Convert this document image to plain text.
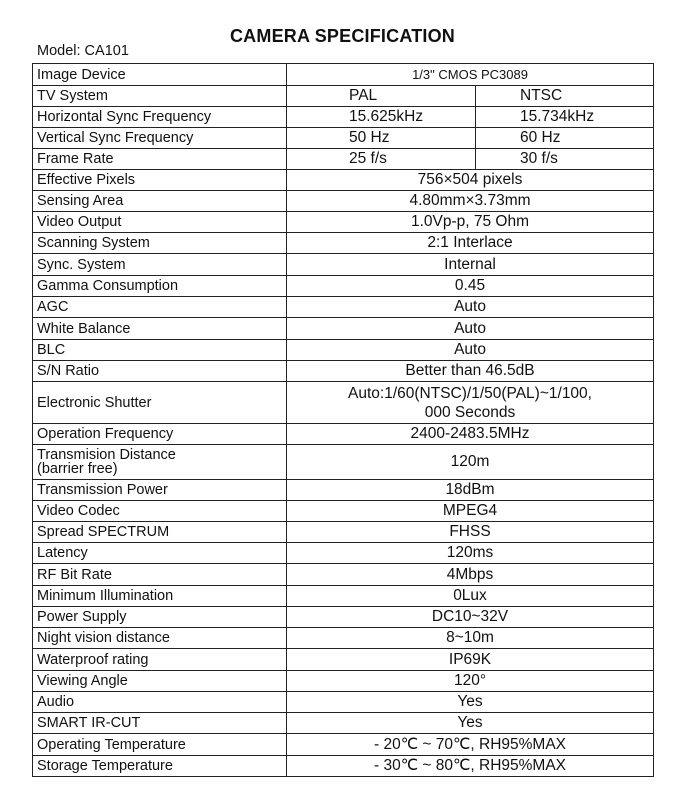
CAMERA SPECIFICATION
Model: CA101
Image Device	1/3" CMOS PC3089	
TV System	PAL	NTSC
Horizontal Sync Frequency	15.625kHz	15.734kHz
Vertical Sync Frequency	50 Hz	60 Hz
Frame Rate	25 f/s	30 f/s
Effective Pixels	756×504 pixels	
Sensing Area	4.80mm×3.73mm	
Video Output	1.0Vp-p, 75 Ohm	
Scanning System	2:1 Interlace	
Sync. System	Internal	
Gamma Consumption	0.45	
AGC	Auto	
White Balance	Auto	
BLC	Auto	
S/N Ratio	Better than 46.5dB	
Electronic Shutter	Auto:1/60(NTSC)/1/50(PAL)~1/100,
000 Seconds	
Operation Frequency	2400-2483.5MHz	
Transmision Distance
(barrier free)	120m	
Transmission Power	18dBm	
Video Codec	MPEG4	
Spread SPECTRUM	FHSS	
Latency	120ms	
RF Bit Rate	4Mbps	
Minimum Illumination	0Lux	
Power Supply	DC10~32V	
Night vision distance	8~10m	
Waterproof rating	IP69K	
Viewing Angle	120°	
Audio	Yes	
SMART IR-CUT	Yes	
Operating Temperature	- 20℃ ~ 70℃, RH95%MAX	
Storage Temperature	- 30℃ ~ 80℃, RH95%MAX	
